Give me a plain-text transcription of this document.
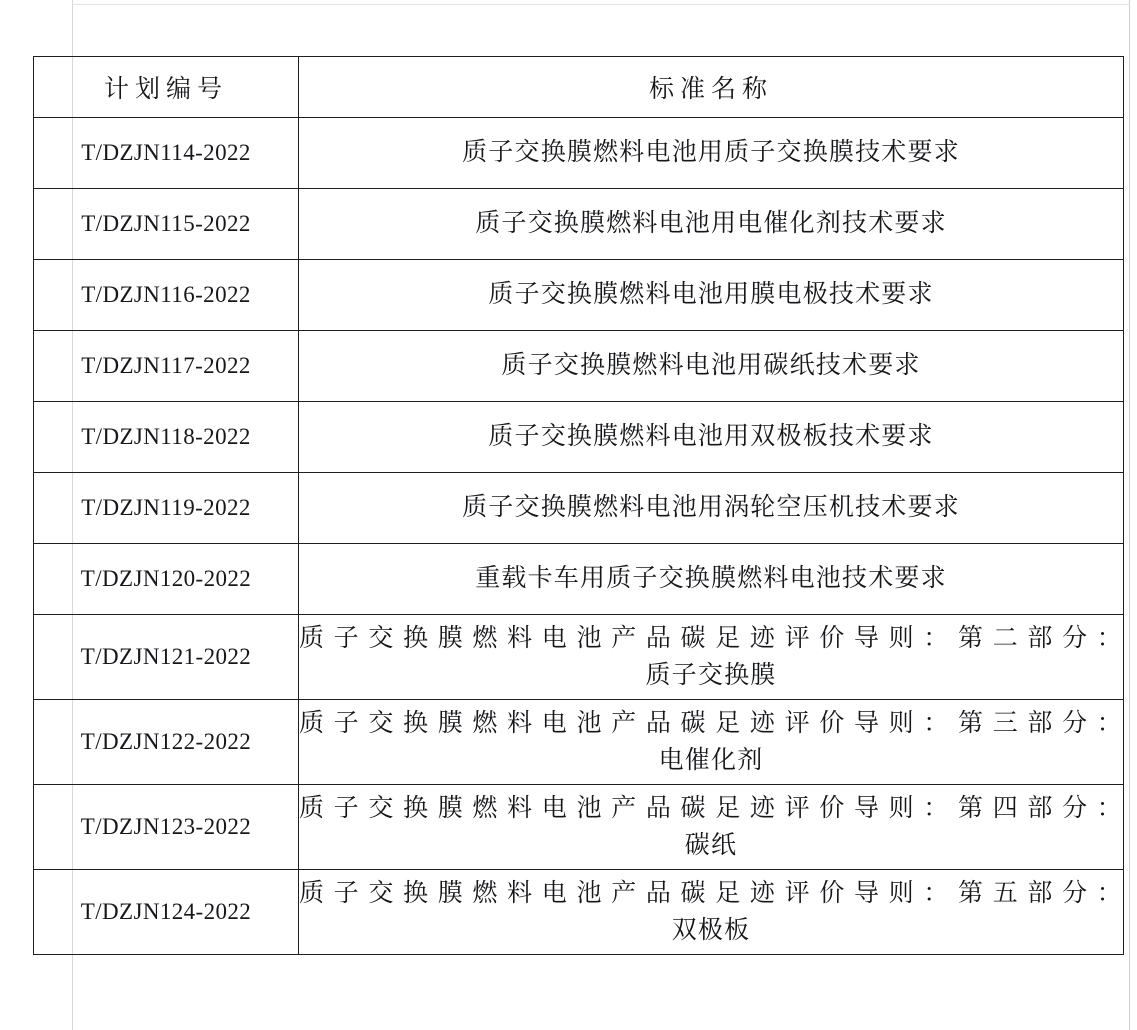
计划编号	标准名称
T/DZJN114-2022	质子交换膜燃料电池用质子交换膜技术要求

T/DZJN115-2022	质子交换膜燃料电池用电催化剂技术要求

T/DZJN116-2022	质子交换膜燃料电池用膜电极技术要求

T/DZJN117-2022	质子交换膜燃料电池用碳纸技术要求

T/DZJN118-2022	质子交换膜燃料电池用双极板技术要求

T/DZJN119-2022	质子交换膜燃料电池用涡轮空压机技术要求

T/DZJN120-2022	重载卡车用质子交换膜燃料电池技术要求

T/DZJN121-2022	质子交换膜燃料电池产品碳足迹评价导则：第二部分：
质子交换膜

T/DZJN122-2022	质子交换膜燃料电池产品碳足迹评价导则：第三部分：
电催化剂

T/DZJN123-2022	质子交换膜燃料电池产品碳足迹评价导则：第四部分：
碳纸

T/DZJN124-2022	质子交换膜燃料电池产品碳足迹评价导则：第五部分：
双极板
